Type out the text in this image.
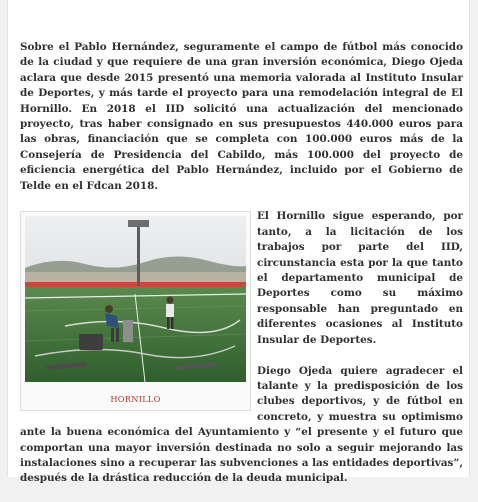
Sobre el Pablo Hernández, seguramente el campo de fútbol más conocido de la ciudad y que requiere de una gran inversión económica, Diego Ojeda aclara que desde 2015 presentó una memoria valorada al Instituto Insular de Deportes, y más tarde el proyecto para una remodelación integral de El Hornillo. En 2018 el IID solicitó una actualización del mencionado proyecto, tras haber consignado en sus presupuestos 440.000 euros para las obras, financiación que se completa con 100.000 euros más de la Consejería de Presidencia del Cabildo, más 100.000 del proyecto de eficiencia energética del Pablo Hernández, incluido por el Gobierno de Telde en el Fdcan 2018.

HORNILLO

El Hornillo sigue esperando, por tanto, a la licitación de los trabajos por parte del IID, circunstancia esta por la que tanto el departamento municipal de Deportes como su máximo responsable han preguntado en diferentes ocasiones al Instituto Insular de Deportes.

Diego Ojeda quiere agradecer el talante y la predisposición de los clubes deportivos, y de fútbol en concreto, y muestra su optimismo ante la buena económica del Ayuntamiento y “el presente y el futuro que comportan una mayor inversión destinada no solo a seguir mejorando las instalaciones sino a recuperar las subvenciones a las entidades deportivas”, después de la drástica reducción de la deuda municipal.
